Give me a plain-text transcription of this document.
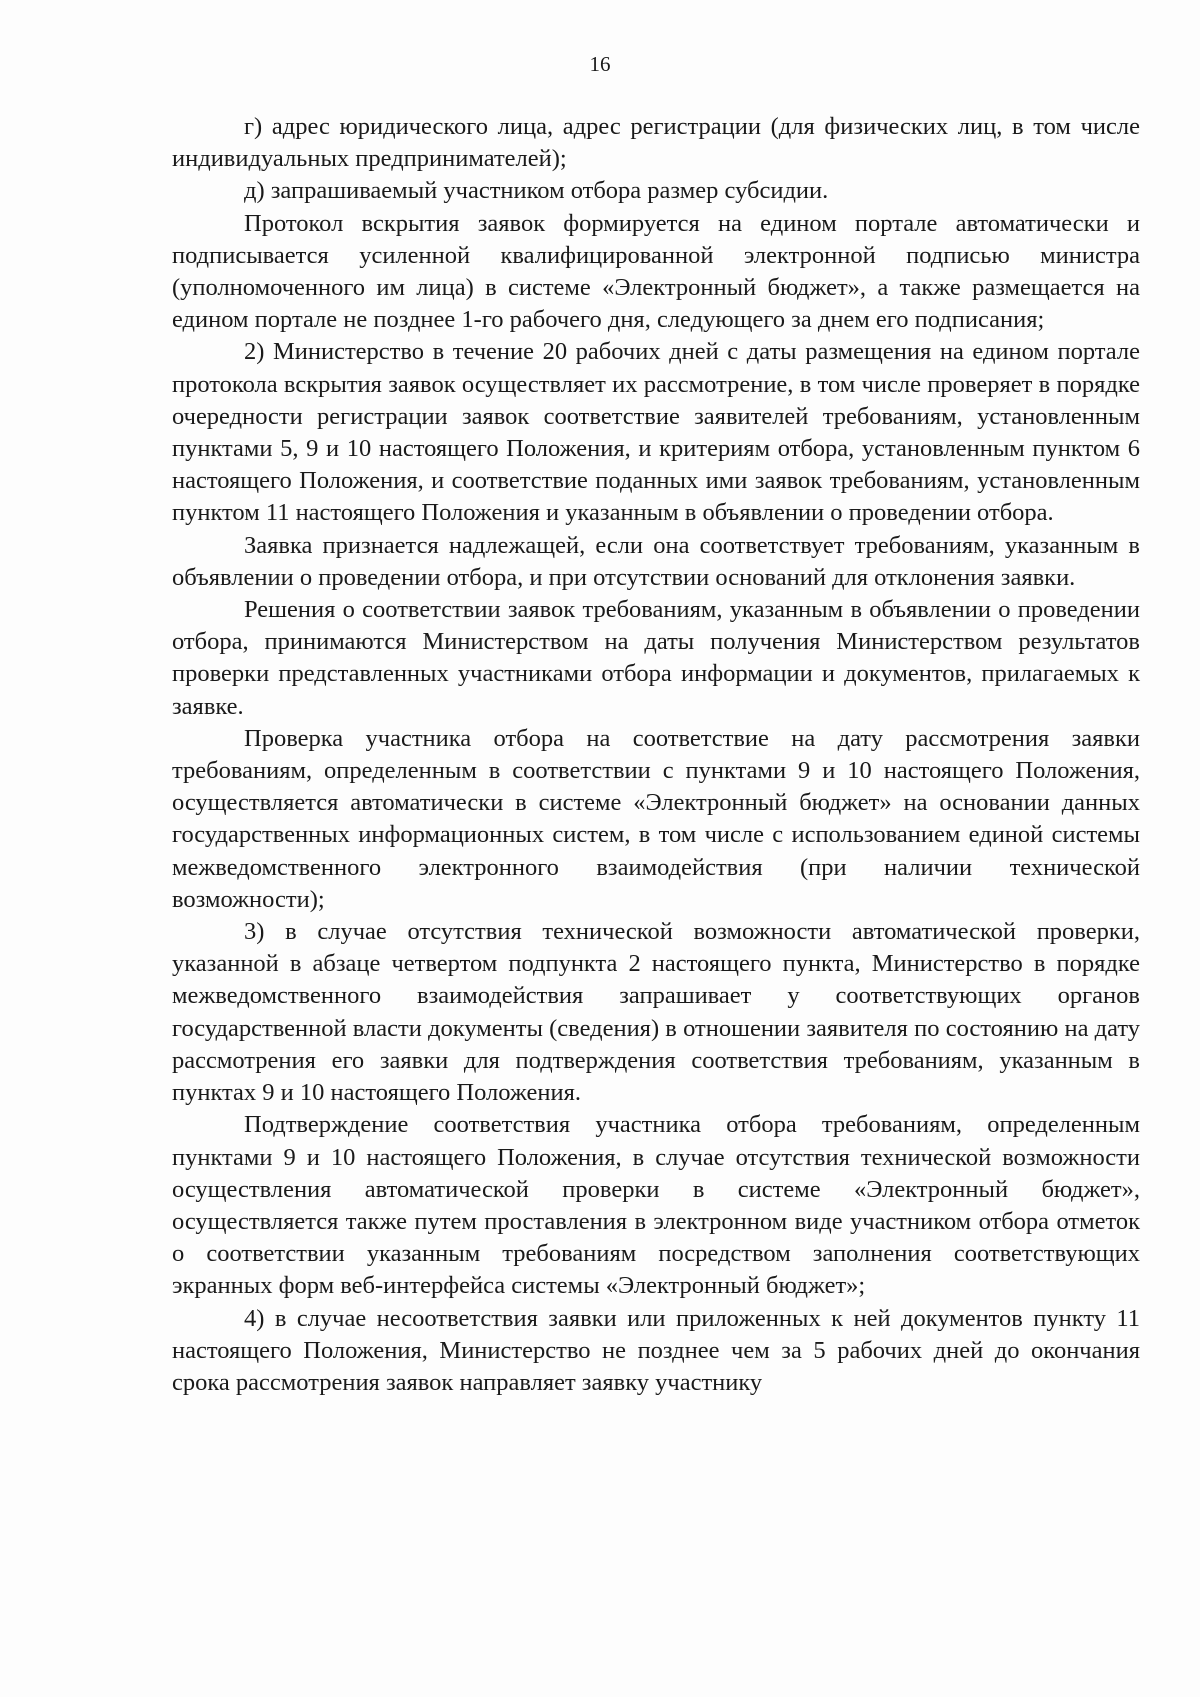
16

г) адрес юридического лица, адрес регистрации (для физических лиц, в том числе индивидуальных предпринимателей);

д) запрашиваемый участником отбора размер субсидии.

Протокол вскрытия заявок формируется на едином портале автоматически и подписывается усиленной квалифицированной электронной подписью министра (уполномоченного им лица) в системе «Электронный бюджет», а также размещается на едином портале не позднее 1-го рабочего дня, следующего за днем его подписания;

2) Министерство в течение 20 рабочих дней с даты размещения на едином портале протокола вскрытия заявок осуществляет их рассмотрение, в том числе проверяет в порядке очередности регистрации заявок соответствие заявителей требованиям, установленным пунктами 5, 9 и 10 настоящего Положения, и критериям отбора, установленным пунктом 6 настоящего Положения, и соответствие поданных ими заявок требованиям, установленным пунктом 11 настоящего Положения и указанным в объявлении о проведении отбора.

Заявка признается надлежащей, если она соответствует требованиям, указанным в объявлении о проведении отбора, и при отсутствии оснований для отклонения заявки.

Решения о соответствии заявок требованиям, указанным в объявлении о проведении отбора, принимаются Министерством на даты получения Министерством результатов проверки представленных участниками отбора информации и документов, прилагаемых к заявке.

Проверка участника отбора на соответствие на дату рассмотрения заявки требованиям, определенным в соответствии с пунктами 9 и 10 настоящего Положения, осуществляется автоматически в системе «Электронный бюджет» на основании данных государственных информационных систем, в том числе с использованием единой системы межведомственного электронного взаимодействия (при наличии технической возможности);

3) в случае отсутствия технической возможности автоматической проверки, указанной в абзаце четвертом подпункта 2 настоящего пункта, Министерство в порядке межведомственного взаимодействия запрашивает у соответствующих органов государственной власти документы (сведения) в отношении заявителя по состоянию на дату рассмотрения его заявки для подтверждения соответствия требованиям, указанным в пунктах 9 и 10 настоящего Положения.

Подтверждение соответствия участника отбора требованиям, определенным пунктами 9 и 10 настоящего Положения, в случае отсутствия технической возможности осуществления автоматической проверки в системе «Электронный бюджет», осуществляется также путем проставления в электронном виде участником отбора отметок о соответствии указанным требованиям посредством заполнения соответствующих экранных форм веб-интерфейса системы «Электронный бюджет»;

4) в случае несоответствия заявки или приложенных к ней документов пункту 11 настоящего Положения, Министерство не позднее чем за 5 рабочих дней до окончания срока рассмотрения заявок направляет заявку участнику
